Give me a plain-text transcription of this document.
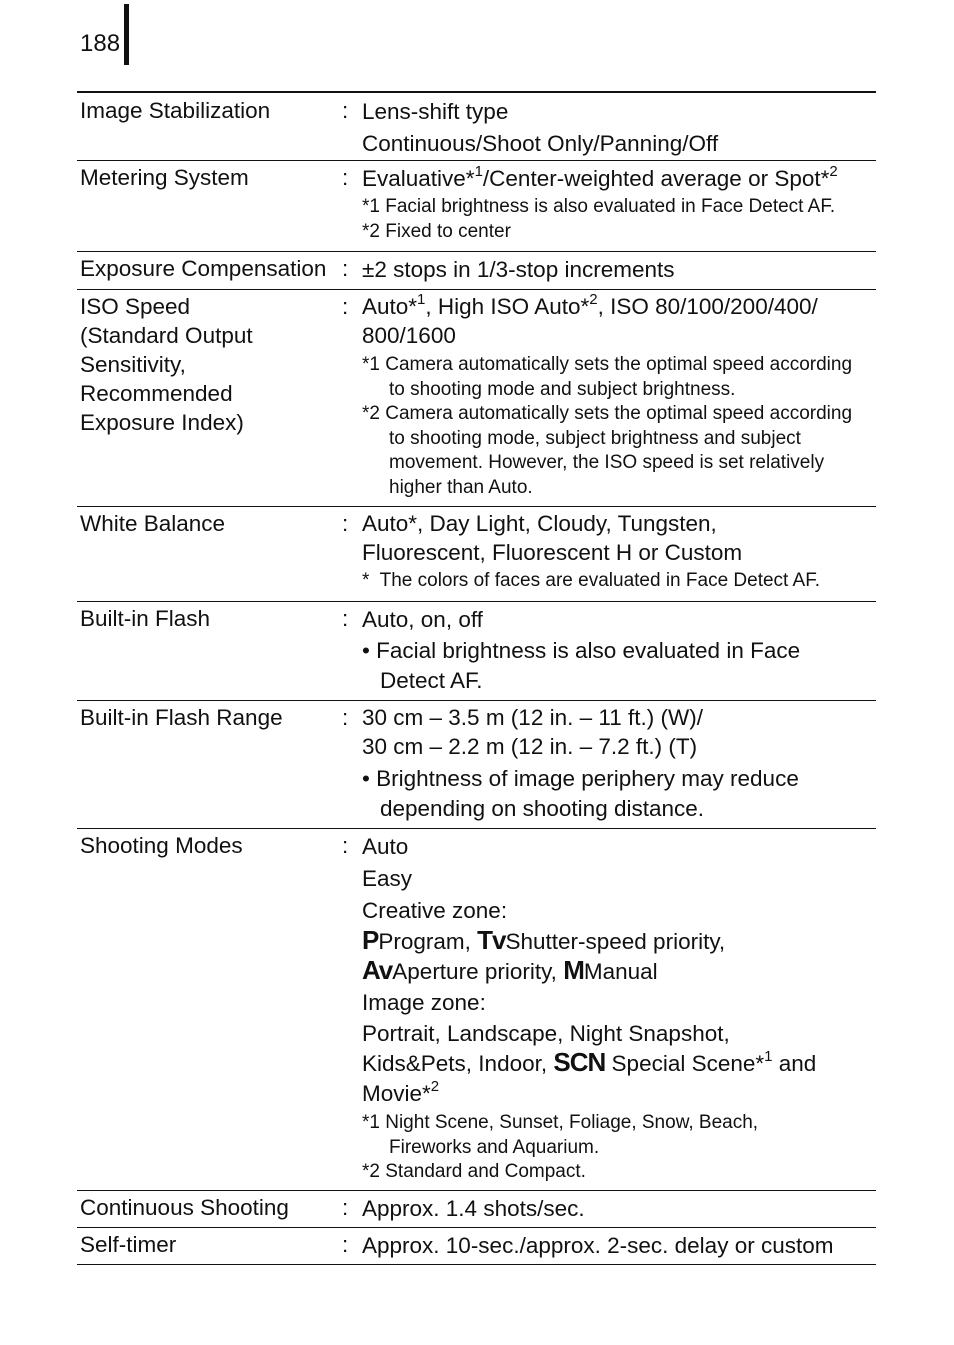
188
Image Stabilization	: Lens-shift type
Continuous/Shoot Only/Panning/Off
Metering System	: Evaluative*$^1$/Center-weighted average or Spot*$^2$
*1 Facial brightness is also evaluated in Face Detect AF.
*2 Fixed to center
Exposure Compensation : ±2 stops in 1/3-stop increments
ISO Speed
(Standard Output
Sensitivity,
Recommended
Exposure Index)
: Auto*$^1$, High ISO Auto*$^2$, ISO 80/100/200/400/
800/1600
*1 Camera automatically sets the optimal speed according to shooting mode and subject brightness.
*2 Camera automatically sets the optimal speed according to shooting mode, subject brightness and subject movement. However, the ISO speed is set relatively higher than Auto.
White Balance	: Auto*, Day Light, Cloudy, Tungsten,
Fluorescent, Fluorescent H or Custom
*  The colors of faces are evaluated in Face Detect AF.
Built-in Flash	: Auto, on, off
• Facial brightness is also evaluated in Face Detect AF.
Built-in Flash Range	: 30 cm – 3.5 m (12 in. – 11 ft.) (W)/
30 cm – 2.2 m (12 in. – 7.2 ft.) (T)
• Brightness of image periphery may reduce depending on shooting distance.
Shooting Modes	: Auto
Easy
Creative zone:
PProgram, TvShutter-speed priority,
AvAperture priority, MManual
Image zone:
Portrait, Landscape, Night Snapshot,
Kids&Pets, Indoor, SCN Special Scene*$^1$ and
Movie*$^2$
*1 Night Scene, Sunset, Foliage, Snow, Beach, Fireworks and Aquarium.
*2 Standard and Compact.
Continuous Shooting : Approx. 1.4 shots/sec.
Self-timer	: Approx. 10-sec./approx. 2-sec. delay or custom
